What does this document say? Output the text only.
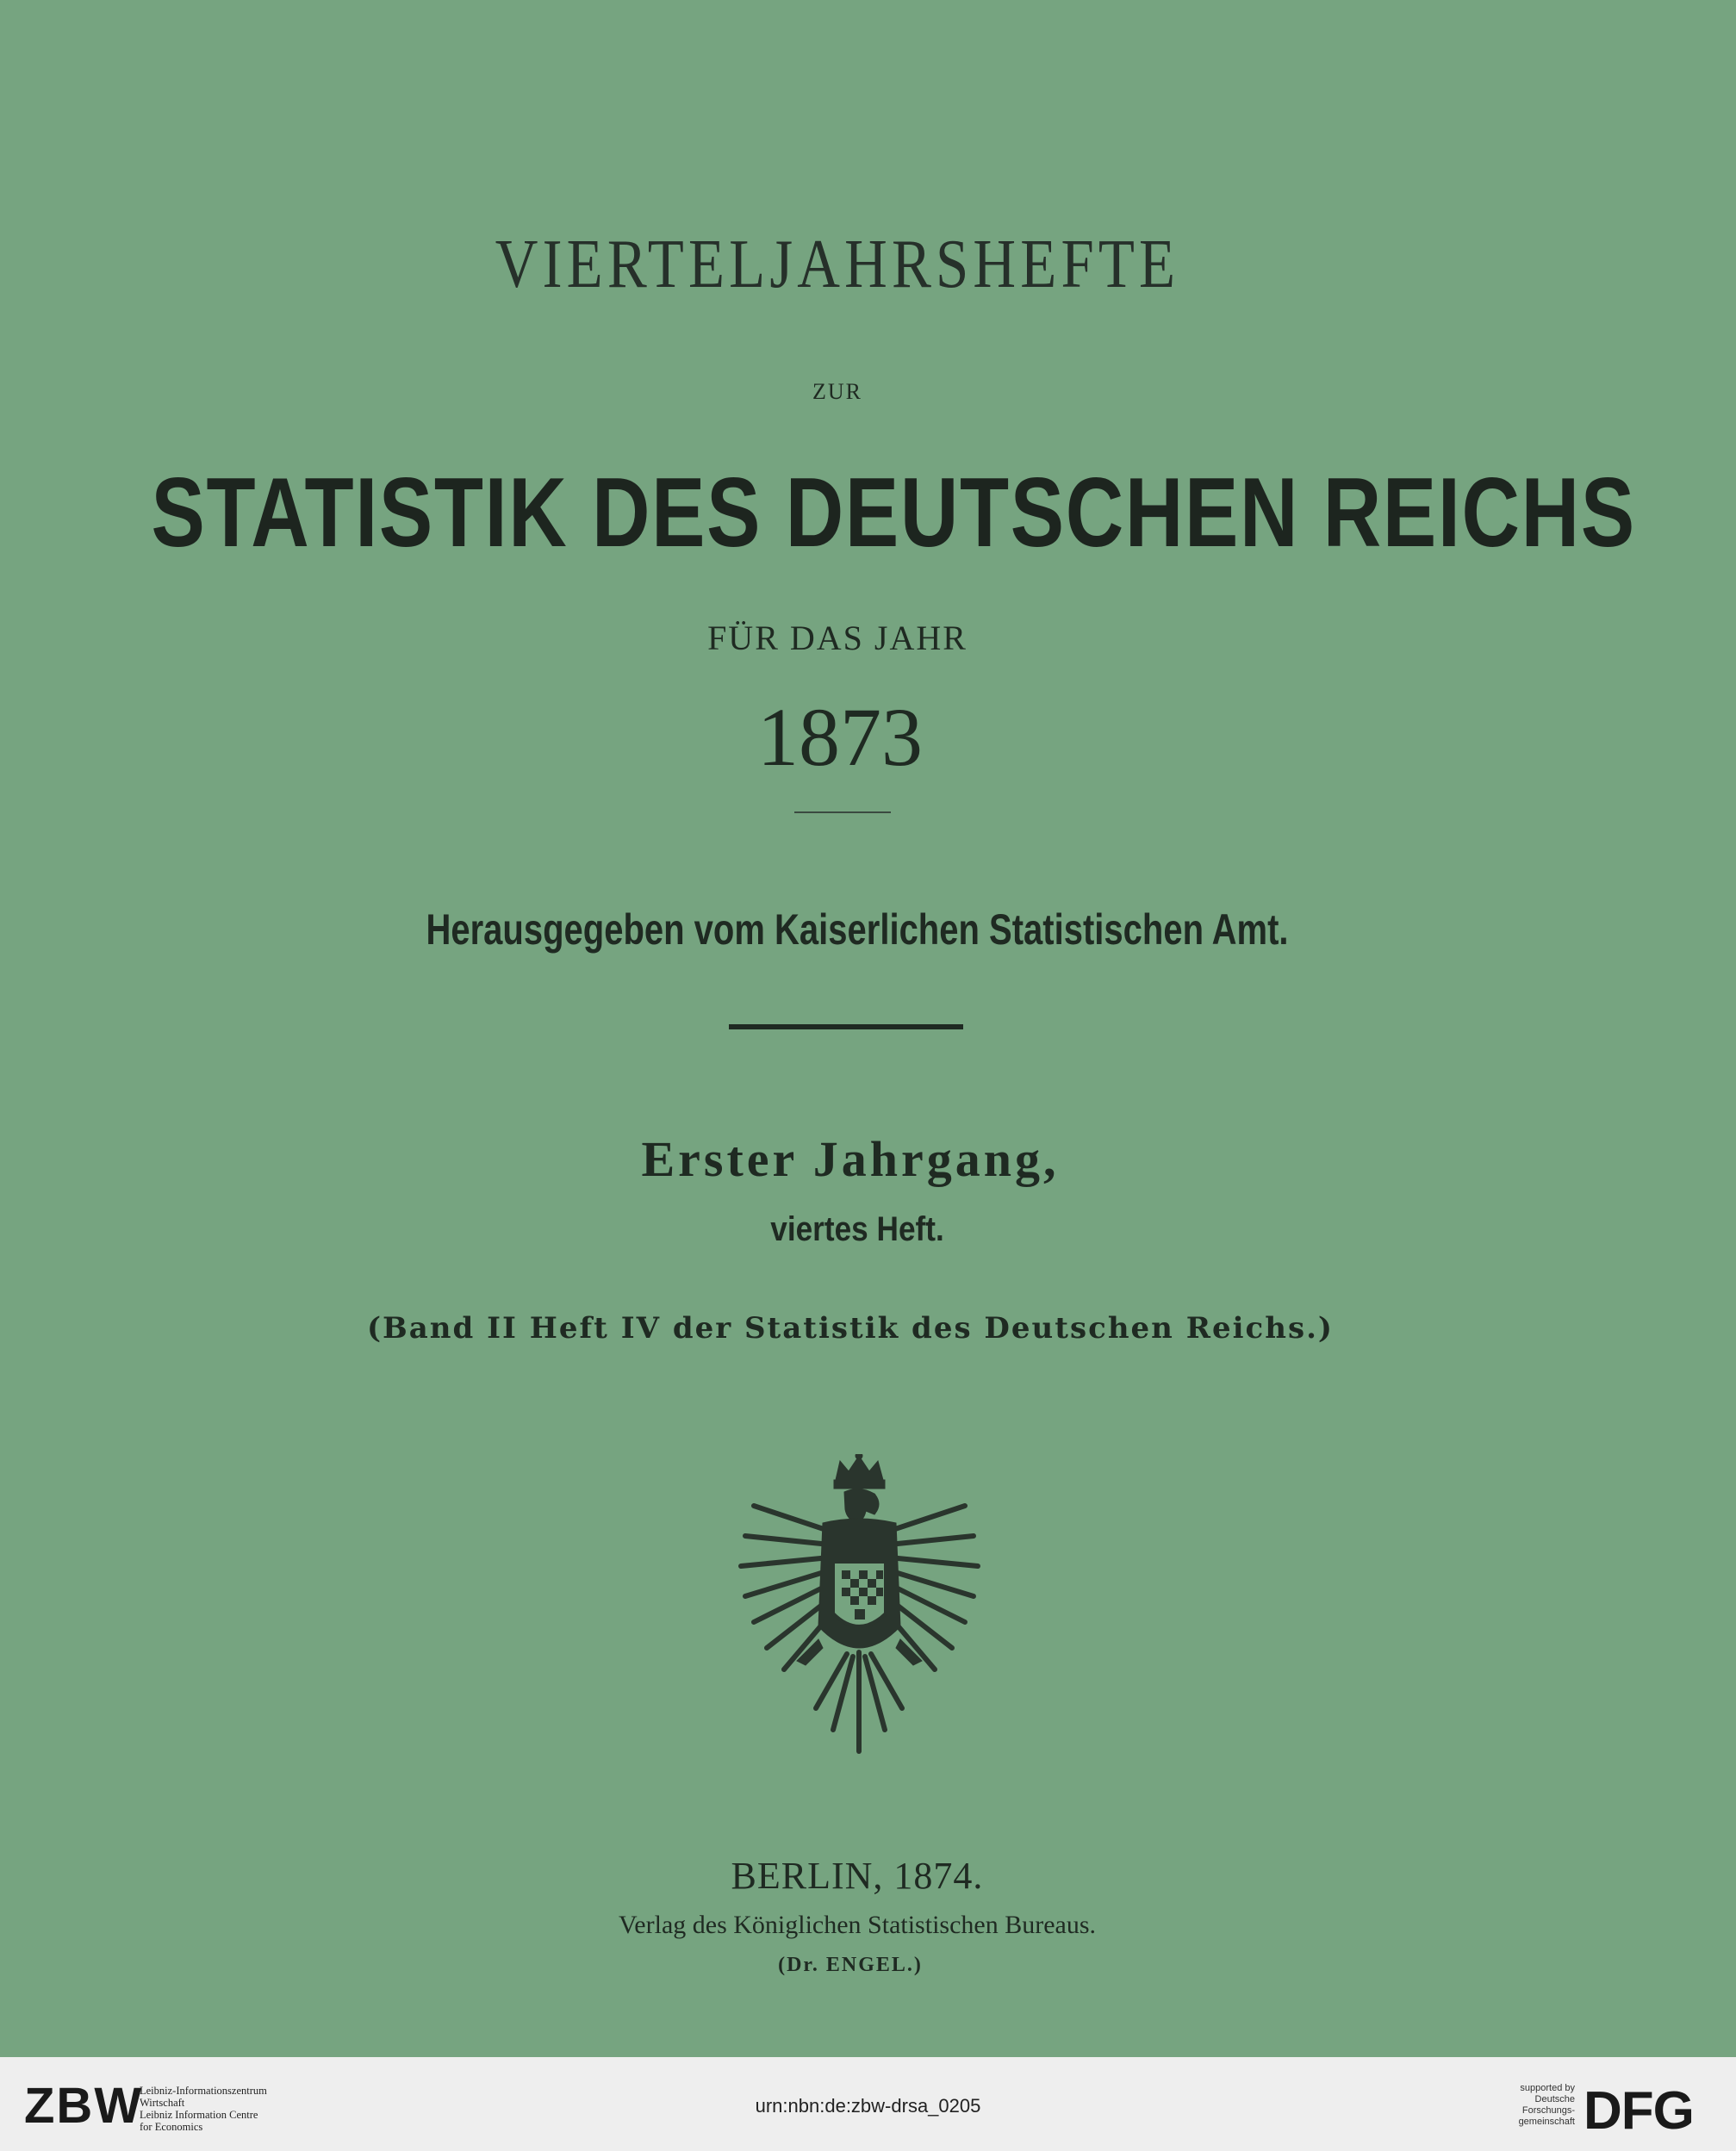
VIERTELJAHRSHEFTE
ZUR
STATISTIK DES DEUTSCHEN REICHS
FÜR DAS JAHR
1873
Herausgegeben vom Kaiserlichen Statistischen Amt.
Erster Jahrgang,
viertes Heft.
(Band II Heft IV der Statistik des Deutschen Reichs.)
BERLIN, 1874.
Verlag des Königlichen Statistischen Bureaus.
(Dr. ENGEL.)
ZBW
Leibniz-Informationszentrum
Wirtschaft
Leibniz Information Centre
for Economics
urn:nbn:de:zbw-drsa_0205
supported by
Deutsche
Forschungs-
gemeinschaft DFG
